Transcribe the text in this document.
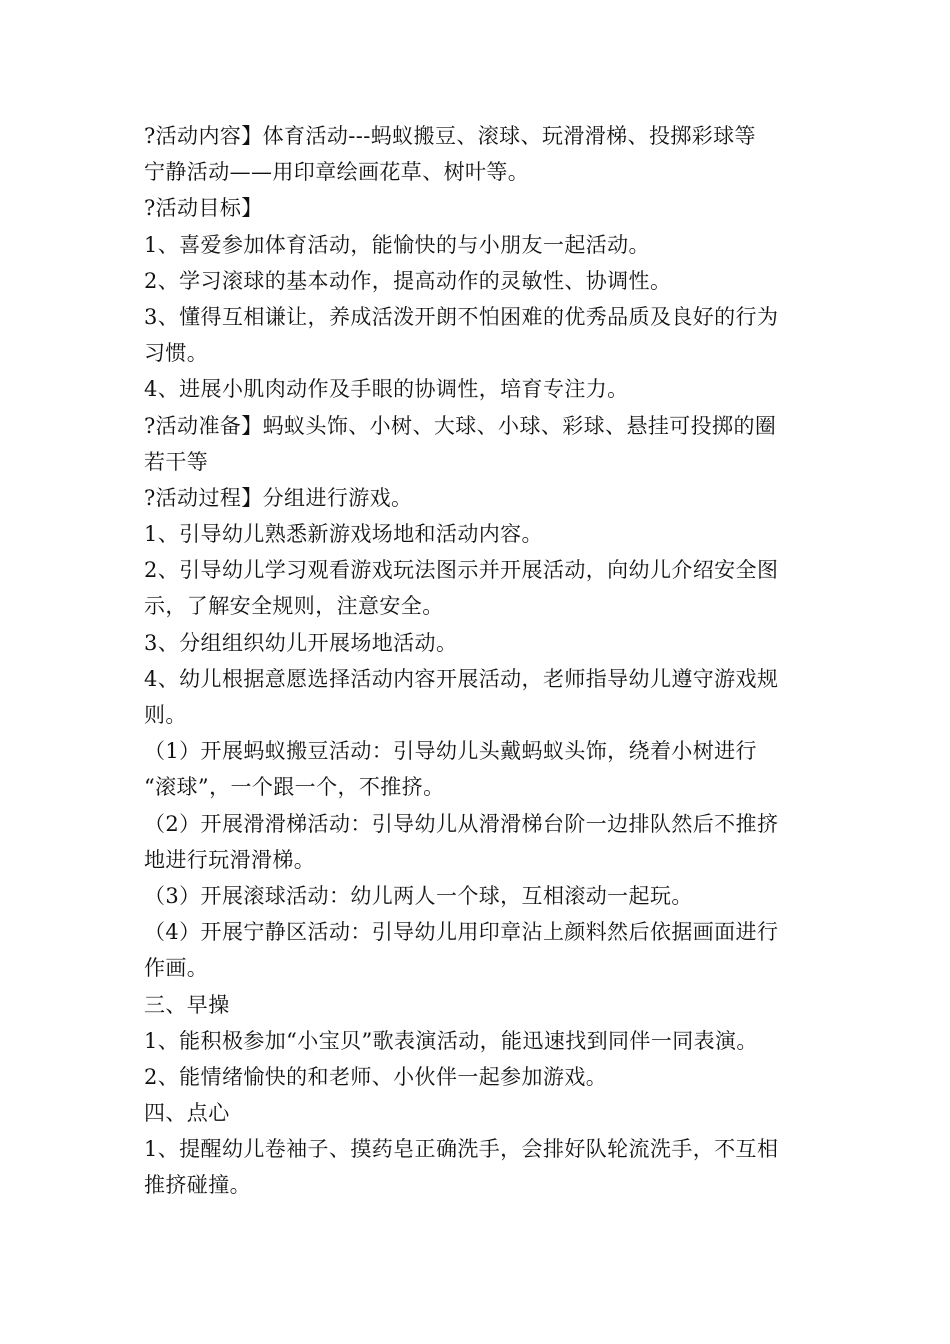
?活动内容】体育活动---蚂蚁搬豆、滚球、玩滑滑梯、投掷彩球等
宁静活动——用印章绘画花草、树叶等。
?活动目标】
1、喜爱参加体育活动，能愉快的与小朋友一起活动。
2、学习滚球的基本动作，提高动作的灵敏性、协调性。
3、懂得互相谦让，养成活泼开朗不怕困难的优秀品质及良好的行为
习惯。
4、进展小肌肉动作及手眼的协调性，培育专注力。
?活动准备】蚂蚁头饰、小树、大球、小球、彩球、悬挂可投掷的圈
若干等
?活动过程】分组进行游戏。
1、引导幼儿熟悉新游戏场地和活动内容。
2、引导幼儿学习观看游戏玩法图示并开展活动，向幼儿介绍安全图
示，了解安全规则，注意安全。
3、分组组织幼儿开展场地活动。
4、幼儿根据意愿选择活动内容开展活动，老师指导幼儿遵守游戏规
则。
（1）开展蚂蚁搬豆活动：引导幼儿头戴蚂蚁头饰，绕着小树进行
“滚球”，一个跟一个，不推挤。
（2）开展滑滑梯活动：引导幼儿从滑滑梯台阶一边排队然后不推挤
地进行玩滑滑梯。
（3）开展滚球活动：幼儿两人一个球，互相滚动一起玩。
（4）开展宁静区活动：引导幼儿用印章沾上颜料然后依据画面进行
作画。
三、早操
1、能积极参加“小宝贝”歌表演活动，能迅速找到同伴一同表演。
2、能情绪愉快的和老师、小伙伴一起参加游戏。
四、点心
1、提醒幼儿卷袖子、摸药皂正确洗手，会排好队轮流洗手，不互相
推挤碰撞。
